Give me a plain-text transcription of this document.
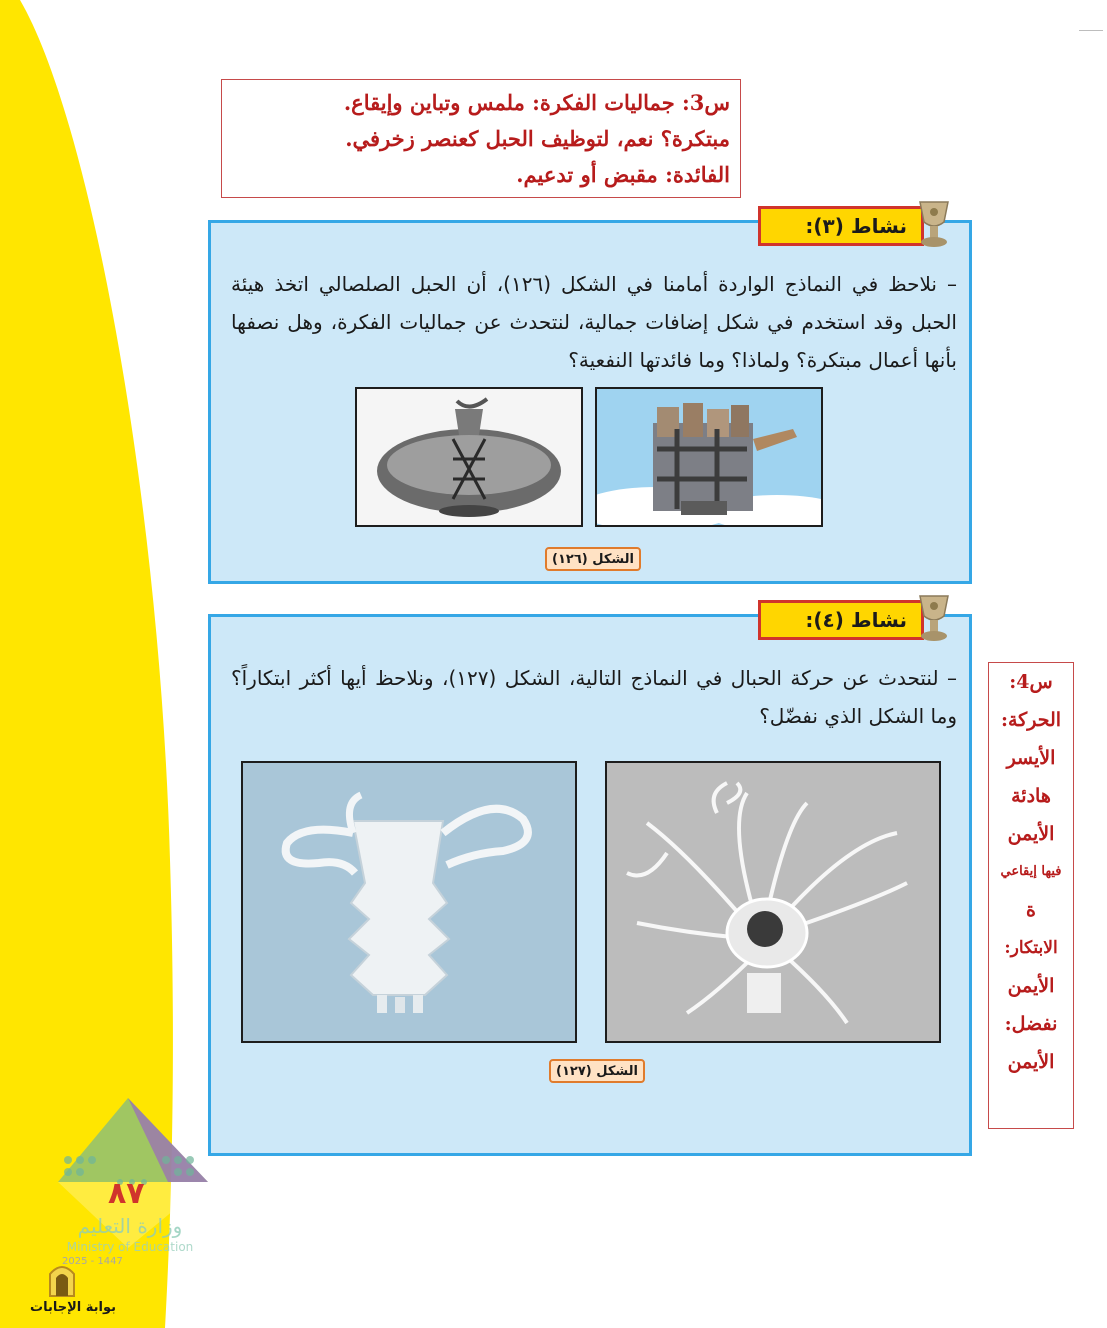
س3: جماليات الفكرة: ملمس وتباين وإيقاع.
مبتكرة؟ نعم، لتوظيف الحبل كعنصر زخرفي.
الفائدة: مقبض أو تدعيم.
– نلاحظ في النماذج الواردة أمامنا في الشكل (١٢٦)، أن الحبل الصلصالي اتخذ هيئة الحبل وقد استخدم في شكل إضافات جمالية، لنتحدث عن جماليات الفكرة، وهل نصفها بأنها أعمال مبتكرة؟ ولماذا؟ وما فائدتها النفعية؟
الشكل (١٢٦)
نشاط (٣):
– لنتحدث عن حركة الحبال في النماذج التالية، الشكل (١٢٧)، ونلاحظ أيها أكثر ابتكاراً؟ وما الشكل الذي نفضّل؟
الشكل (١٢٧)
نشاط (٤):
س4:
الحركة:
الأيسر
هادئة
الأيمن
فيها إيقاعي
ة
الابتكار:
الأيمن
نفضل:
الأيمن
٨٧
وزارة التعليم
Ministry of Education
2025 - 1447
بوابة الإجابات
